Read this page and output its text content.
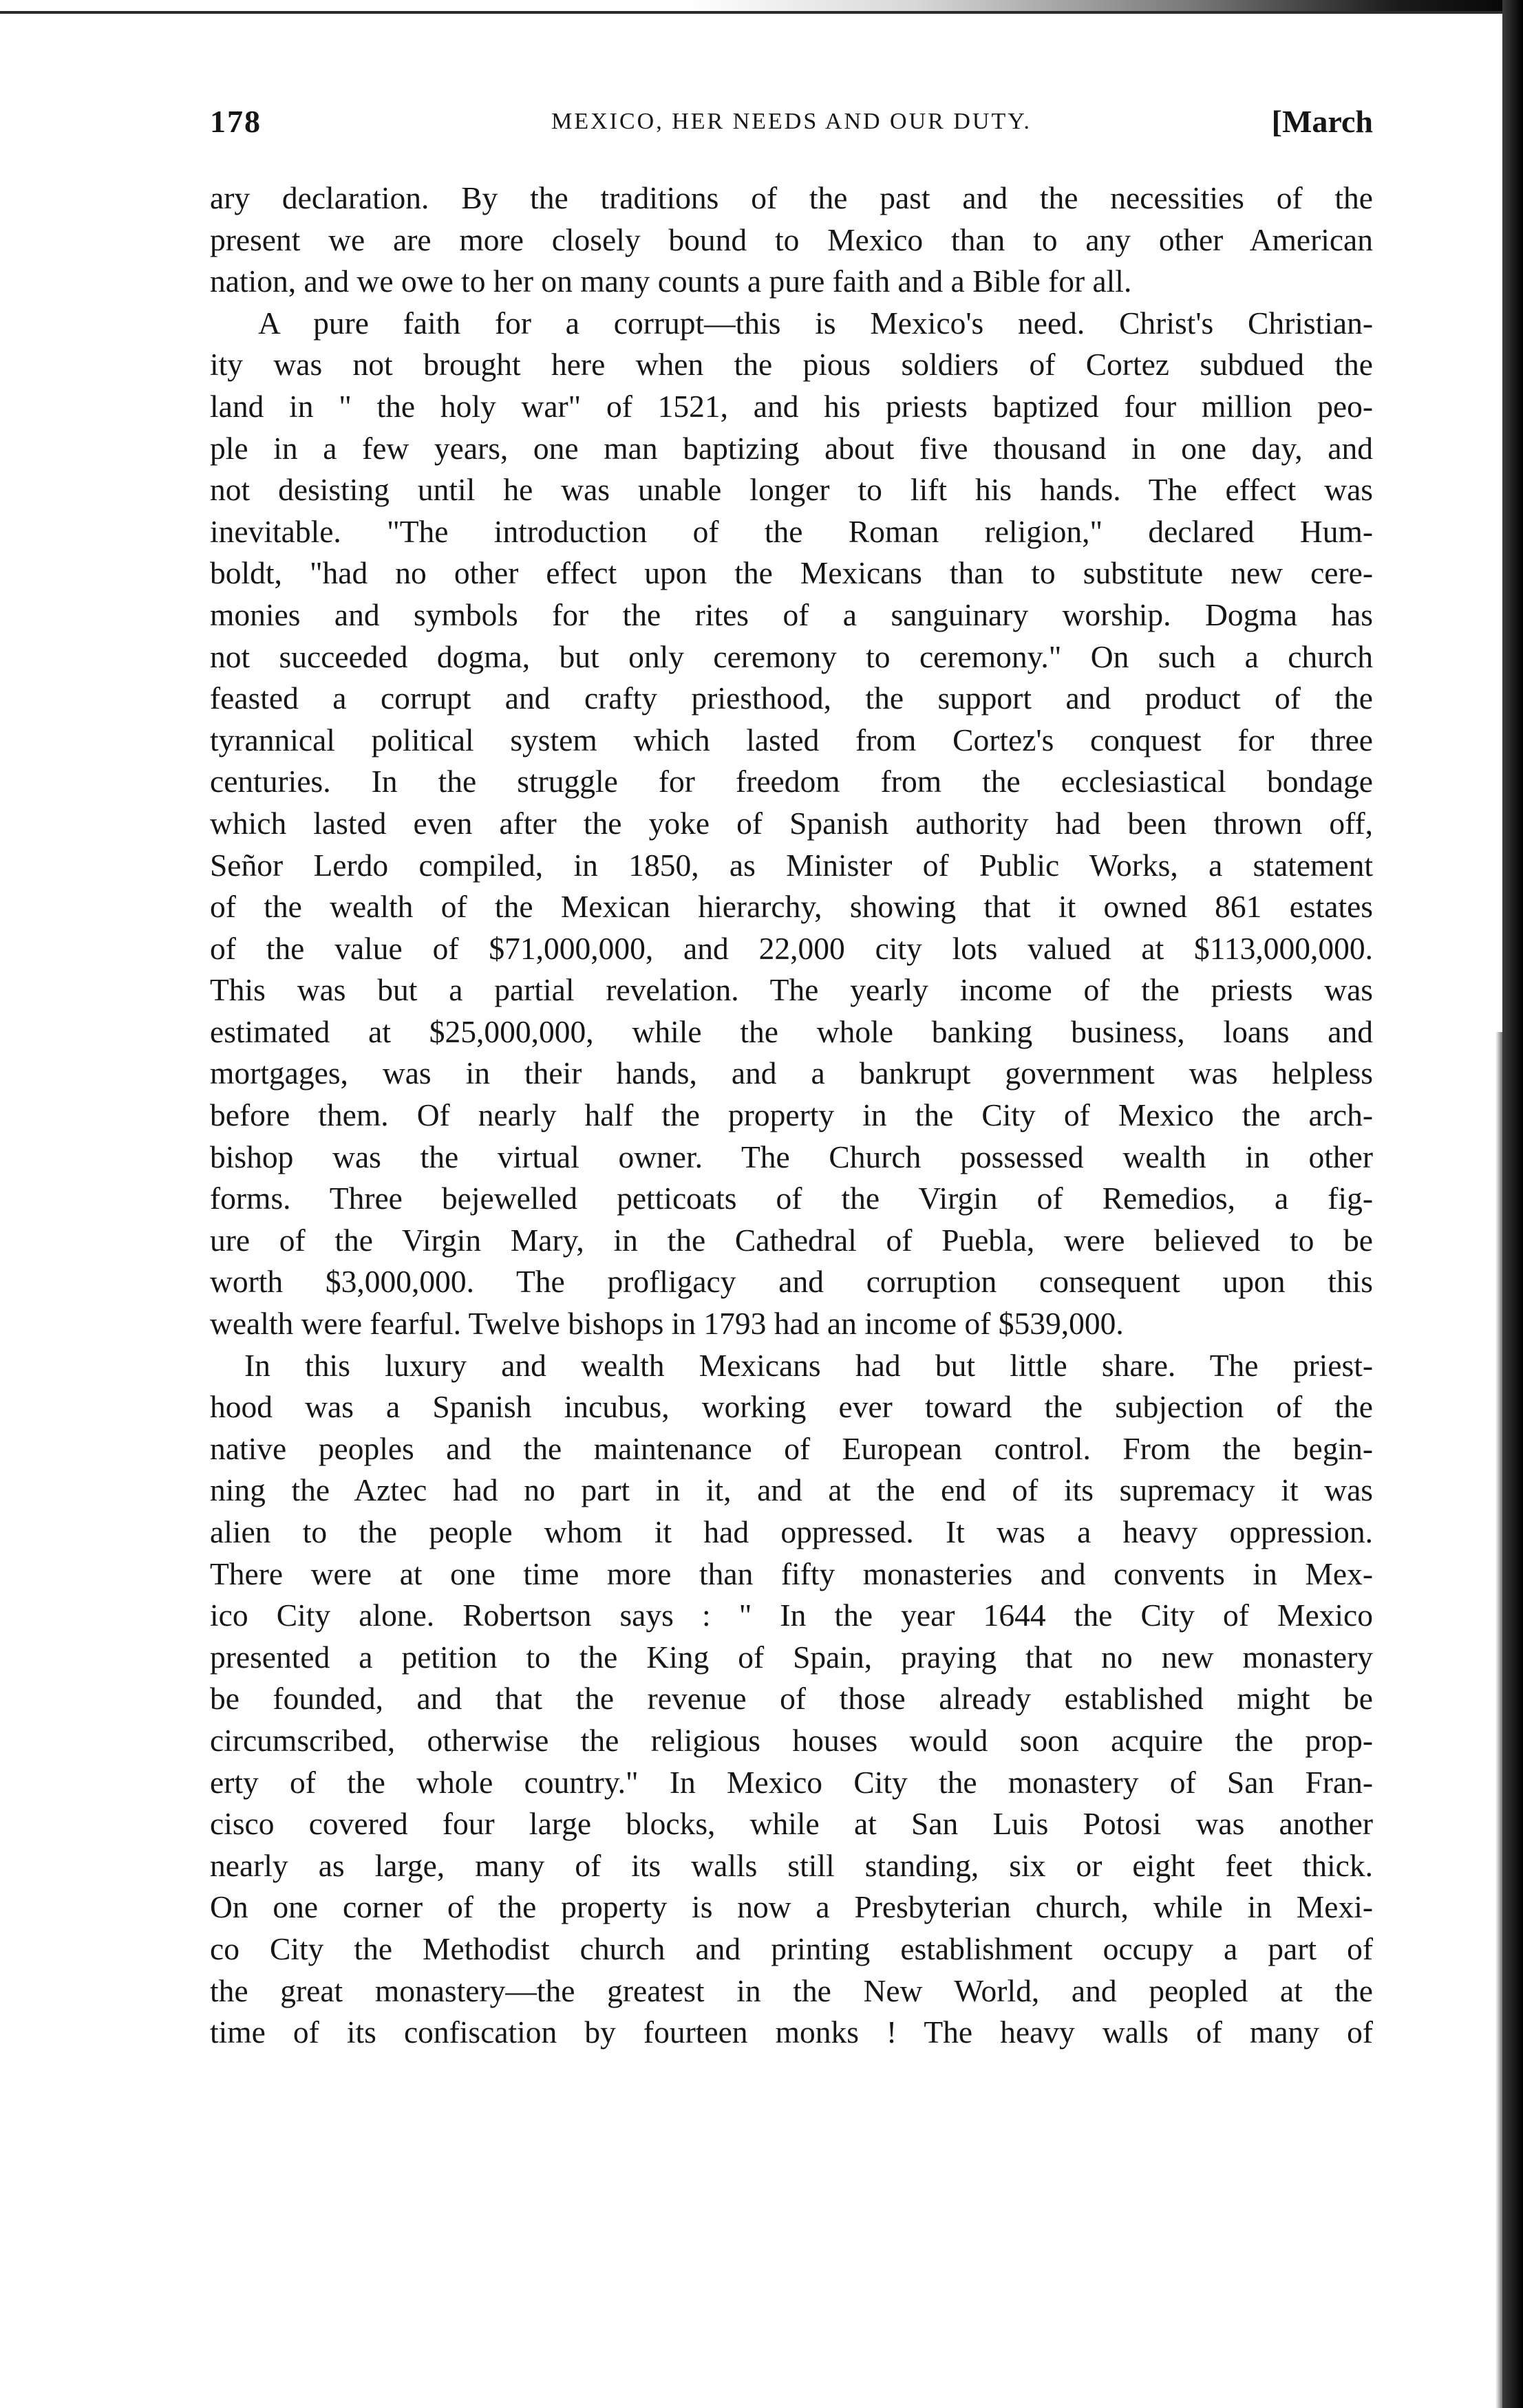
178	MEXICO, HER NEEDS AND OUR DUTY.	[March
ary declaration. By the traditions of the past and the necessities of the
present we are more closely bound to Mexico than to any other American
nation, and we owe to her on many counts a pure faith and a Bible for all.
A pure faith for a corrupt—this is Mexico's need. Christ's Christian-
ity was not brought here when the pious soldiers of Cortez subdued the
land in " the holy war" of 1521, and his priests baptized four million peo-
ple in a few years, one man baptizing about five thousand in one day, and
not desisting until he was unable longer to lift his hands. The effect was
inevitable. "The introduction of the Roman religion," declared Hum-
boldt, "had no other effect upon the Mexicans than to substitute new cere-
monies and symbols for the rites of a sanguinary worship. Dogma has
not succeeded dogma, but only ceremony to ceremony." On such a church
feasted a corrupt and crafty priesthood, the support and product of the
tyrannical political system which lasted from Cortez's conquest for three
centuries. In the struggle for freedom from the ecclesiastical bondage
which lasted even after the yoke of Spanish authority had been thrown off,
Señor Lerdo compiled, in 1850, as Minister of Public Works, a statement
of the wealth of the Mexican hierarchy, showing that it owned 861 estates
of the value of $71,000,000, and 22,000 city lots valued at $113,000,000.
This was but a partial revelation. The yearly income of the priests was
estimated at $25,000,000, while the whole banking business, loans and
mortgages, was in their hands, and a bankrupt government was helpless
before them. Of nearly half the property in the City of Mexico the arch-
bishop was the virtual owner. The Church possessed wealth in other
forms. Three bejewelled petticoats of the Virgin of Remedios, a fig-
ure of the Virgin Mary, in the Cathedral of Puebla, were believed to be
worth $3,000,000. The profligacy and corruption consequent upon this
wealth were fearful. Twelve bishops in 1793 had an income of $539,000.
In this luxury and wealth Mexicans had but little share. The priest-
hood was a Spanish incubus, working ever toward the subjection of the
native peoples and the maintenance of European control. From the begin-
ning the Aztec had no part in it, and at the end of its supremacy it was
alien to the people whom it had oppressed. It was a heavy oppression.
There were at one time more than fifty monasteries and convents in Mex-
ico City alone. Robertson says : " In the year 1644 the City of Mexico
presented a petition to the King of Spain, praying that no new monastery
be founded, and that the revenue of those already established might be
circumscribed, otherwise the religious houses would soon acquire the prop-
erty of the whole country." In Mexico City the monastery of San Fran-
cisco covered four large blocks, while at San Luis Potosi was another
nearly as large, many of its walls still standing, six or eight feet thick.
On one corner of the property is now a Presbyterian church, while in Mexi-
co City the Methodist church and printing establishment occupy a part of
the great monastery—the greatest in the New World, and peopled at the
time of its confiscation by fourteen monks ! The heavy walls of many of
